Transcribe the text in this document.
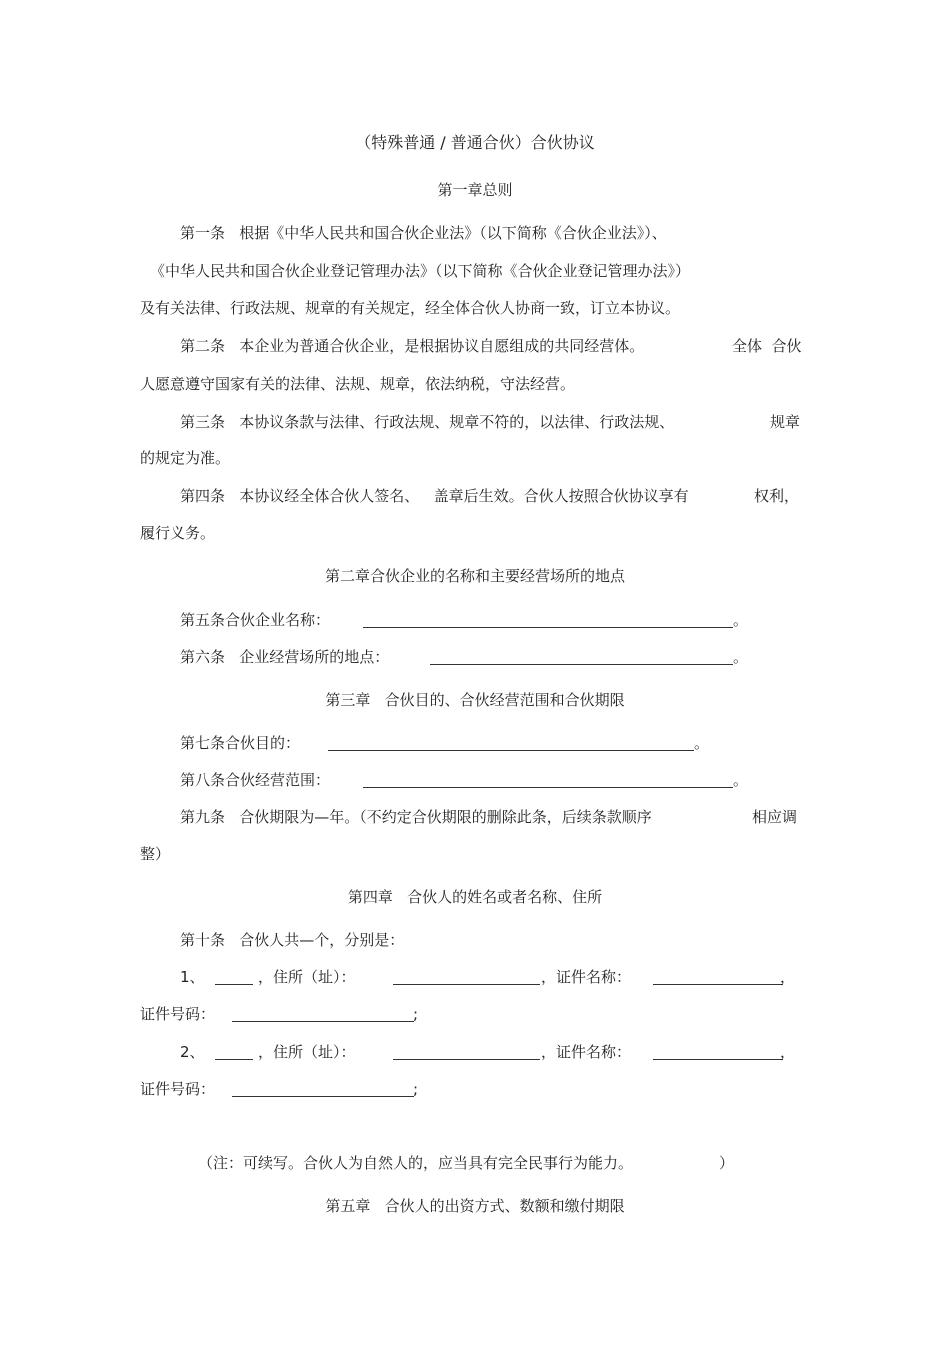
（特殊普通 / 普通合伙）合伙协议
第一章总则
第一条   根据《中华人民共和国合伙企业法》（以下简称《合伙企业法》）、
《中华人民共和国合伙企业登记管理办法》（以下简称《合伙企业登记管理办法》）
及有关法律、行政法规、规章的有关规定，经全体合伙人协商一致，订立本协议。
第二条   本企业为普通合伙企业，是根据协议自愿组成的共同经营体。	全体  合伙
人愿意遵守国家有关的法律、法规、规章，依法纳税，守法经营。
第三条   本协议条款与法律、行政法规、规章不符的，以法律、行政法规、	规章
的规定为准。
第四条   本协议经全体合伙人签名、   盖章后生效。合伙人按照合伙协议享有	权利，
履行义务。
第二章合伙企业的名称和主要经营场所的地点
第五条合伙企业名称：	。
第六条   企业经营场所的地点：	。
第三章   合伙目的、合伙经营范围和合伙期限
第七条合伙目的：	。
第八条合伙经营范围：	。
第九条   合伙期限为—年。（不约定合伙期限的删除此条，后续条款顺序	相应调
整）
第四章   合伙人的姓名或者名称、住所
第十条   合伙人共—个，分别是：
1、	，住所（址）：	，证件名称：	，
证件号码：	;
2、	，住所（址）：	，证件名称：	，
证件号码：	;
（注：可续写。合伙人为自然人的，应当具有完全民事行为能力。	）
第五章   合伙人的出资方式、数额和缴付期限
